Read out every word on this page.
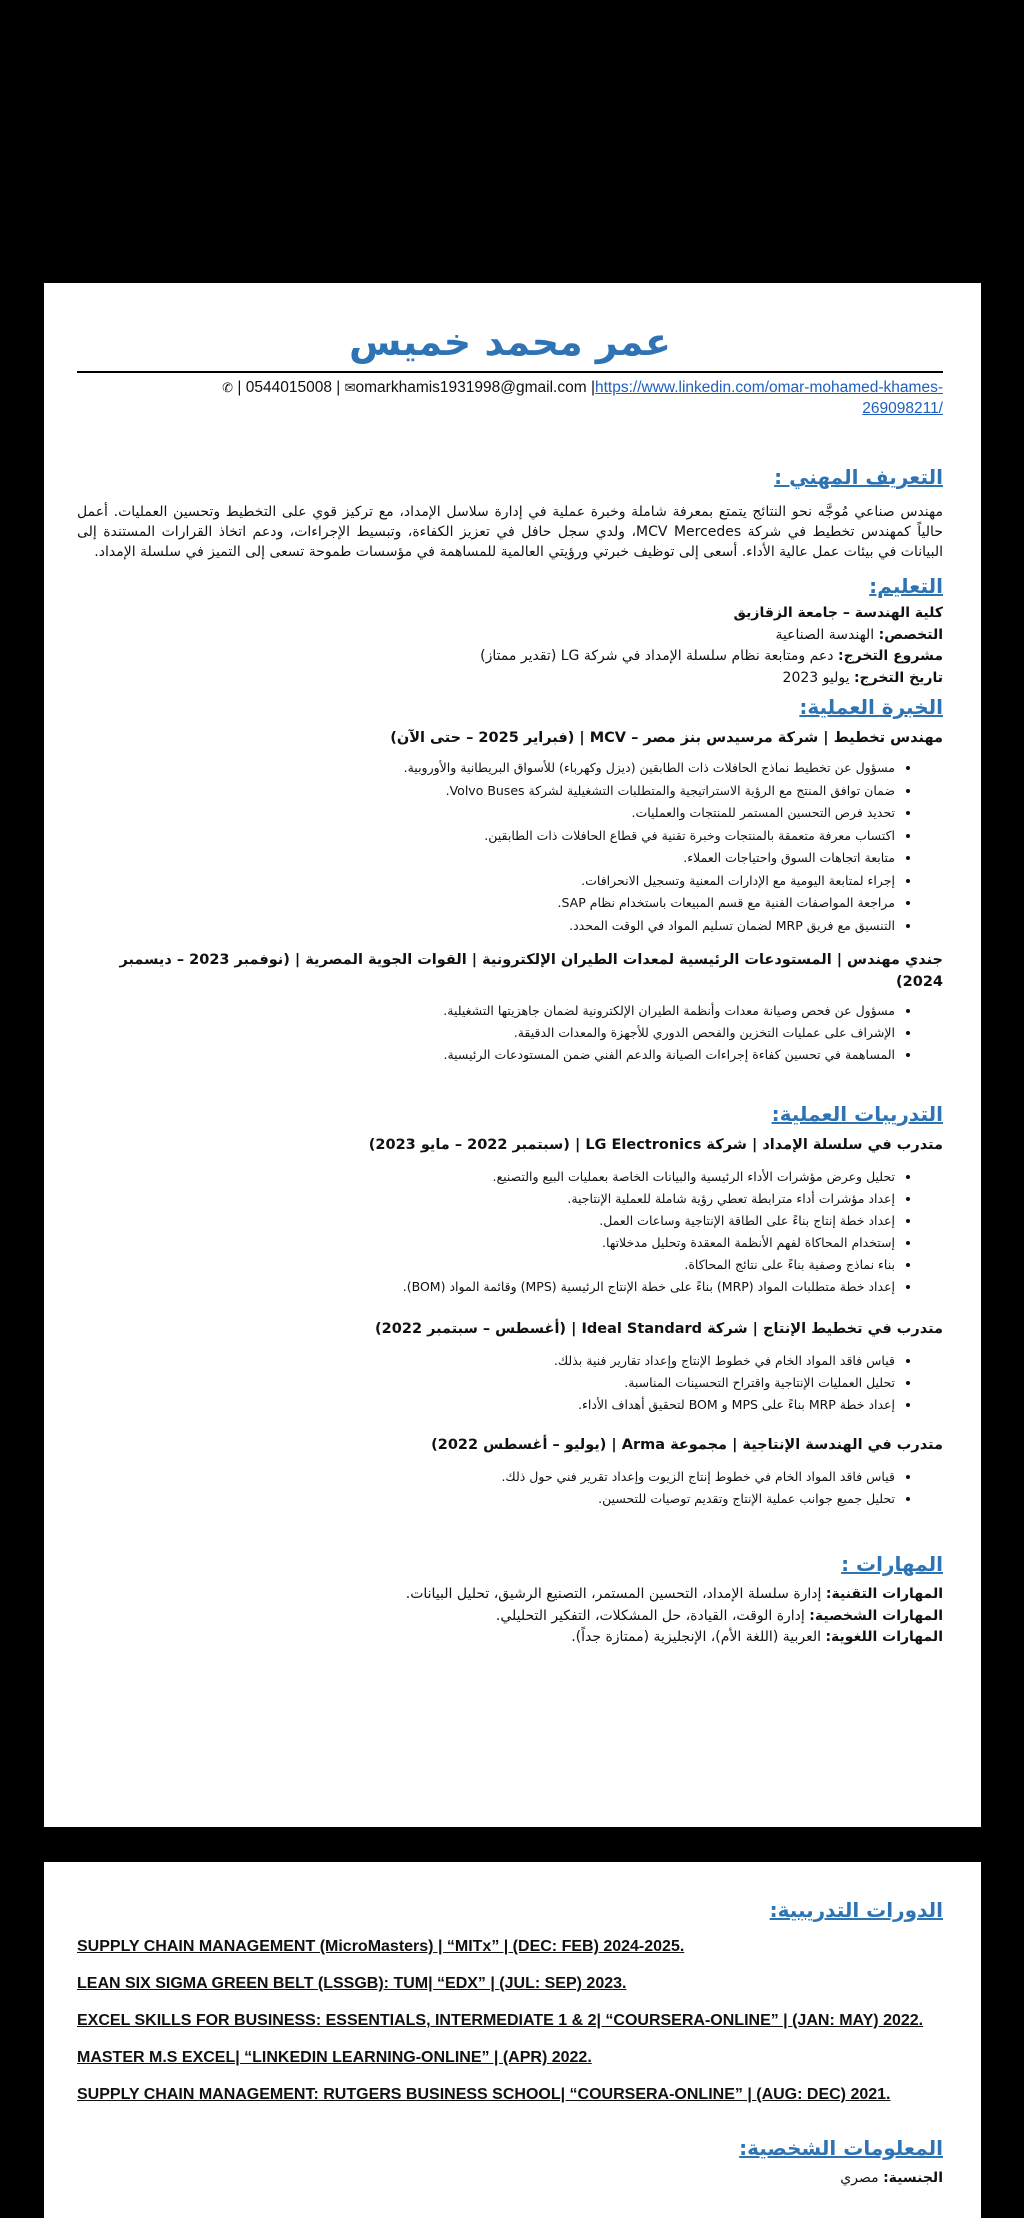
عمر محمد خميس
✆ | 0544015008 | ✉omarkhamis1931998@gmail.com |https://www.linkedin.com/omar-mohamed-khames-
269098211/
التعريف المهني :

مهندس صناعي مُوجَّه نحو النتائج يتمتع بمعرفة شاملة وخبرة عملية في إدارة سلاسل الإمداد، مع تركيز قوي على التخطيط وتحسين العمليات. أعمل حالياً كمهندس تخطيط في شركة MCV Mercedes، ولدي سجل حافل في تعزيز الكفاءة، وتبسيط الإجراءات، ودعم اتخاذ القرارات المستندة إلى البيانات في بيئات عمل عالية الأداء. أسعى إلى توظيف خبرتي ورؤيتي العالمية للمساهمة في مؤسسات طموحة تسعى إلى التميز في سلسلة الإمداد.

التعليم:

كلية الهندسة – جامعة الزقازيق

التخصص: الهندسة الصناعية

مشروع التخرج: دعم ومتابعة نظام سلسلة الإمداد في شركة LG (تقدير ممتاز)

تاريخ التخرج: يوليو 2023

الخبرة العملية:

مهندس تخطيط | شركة مرسيدس بنز مصر – MCV | (فبراير 2025 – حتى الآن)

• مسؤول عن تخطيط نماذج الحافلات ذات الطابقين (ديزل وكهرباء) للأسواق البريطانية والأوروبية.
• ضمان توافق المنتج مع الرؤية الاستراتيجية والمتطلبات التشغيلية لشركة Volvo Buses.
• تحديد فرص التحسين المستمر للمنتجات والعمليات.
• اكتساب معرفة متعمقة بالمنتجات وخبرة تقنية في قطاع الحافلات ذات الطابقين.
• متابعة اتجاهات السوق واحتياجات العملاء.
• إجراء لمتابعة اليومية مع الإدارات المعنية وتسجيل الانحرافات.
• مراجعة المواصفات الفنية مع قسم المبيعات باستخدام نظام SAP.
• التنسيق مع فريق MRP لضمان تسليم المواد في الوقت المحدد.

جندي مهندس | المستودعات الرئيسية لمعدات الطيران الإلكترونية | القوات الجوية المصرية | (نوفمبر 2023 – ديسمبر 2024)

• مسؤول عن فحص وصيانة معدات وأنظمة الطيران الإلكترونية لضمان جاهزيتها التشغيلية.
• الإشراف على عمليات التخزين والفحص الدوري للأجهزة والمعدات الدقيقة.
• المساهمة في تحسين كفاءة إجراءات الصيانة والدعم الفني ضمن المستودعات الرئيسية.
التدريبات العملية:

متدرب في سلسلة الإمداد | شركة LG Electronics | (سبتمبر 2022 – مايو 2023)

• تحليل وعرض مؤشرات الأداء الرئيسية والبيانات الخاصة بعمليات البيع والتصنيع.
• إعداد مؤشرات أداء مترابطة تعطي رؤية شاملة للعملية الإنتاجية.
• إعداد خطة إنتاج بناءً على الطاقة الإنتاجية وساعات العمل.
• إستخدام المحاكاة لفهم الأنظمة المعقدة وتحليل مدخلاتها.
• بناء نماذج وصفية بناءً على نتائج المحاكاة.
• إعداد خطة متطلبات المواد (MRP) بناءً على خطة الإنتاج الرئيسية (MPS) وقائمة المواد (BOM).

متدرب في تخطيط الإنتاج | شركة Ideal Standard | (أغسطس – سبتمبر 2022)

• قياس فاقد المواد الخام في خطوط الإنتاج وإعداد تقارير فنية بذلك.
• تحليل العمليات الإنتاجية واقتراح التحسينات المناسبة.
• إعداد خطة MRP بناءً على MPS و BOM لتحقيق أهداف الأداء.

متدرب في الهندسة الإنتاجية | مجموعة Arma | (يوليو – أغسطس 2022)

• قياس فاقد المواد الخام في خطوط إنتاج الزيوت وإعداد تقرير فني حول ذلك.
• تحليل جميع جوانب عملية الإنتاج وتقديم توصيات للتحسين.
المهارات :

المهارات التقنية: إدارة سلسلة الإمداد، التحسين المستمر، التصنيع الرشيق، تحليل البيانات.

المهارات الشخصية: إدارة الوقت، القيادة، حل المشكلات، التفكير التحليلي.

المهارات اللغوية: العربية (اللغة الأم)، الإنجليزية (ممتازة جداً).

الدورات التدريبية:

SUPPLY CHAIN MANAGEMENT (MicroMasters) | “MITx” | (DEC: FEB) 2024-2025.

LEAN SIX SIGMA GREEN BELT (LSSGB): TUM| “EDX” | (JUL: SEP) 2023.

EXCEL SKILLS FOR BUSINESS: ESSENTIALS, INTERMEDIATE 1 & 2| “COURSERA-ONLINE” | (JAN: MAY) 2022.

MASTER M.S EXCEL| “LINKEDIN LEARNING-ONLINE” | (APR) 2022.

SUPPLY CHAIN MANAGEMENT: RUTGERS BUSINESS SCHOOL| “COURSERA-ONLINE” | (AUG: DEC) 2021.

المعلومات الشخصية:

الجنسية: مصري
